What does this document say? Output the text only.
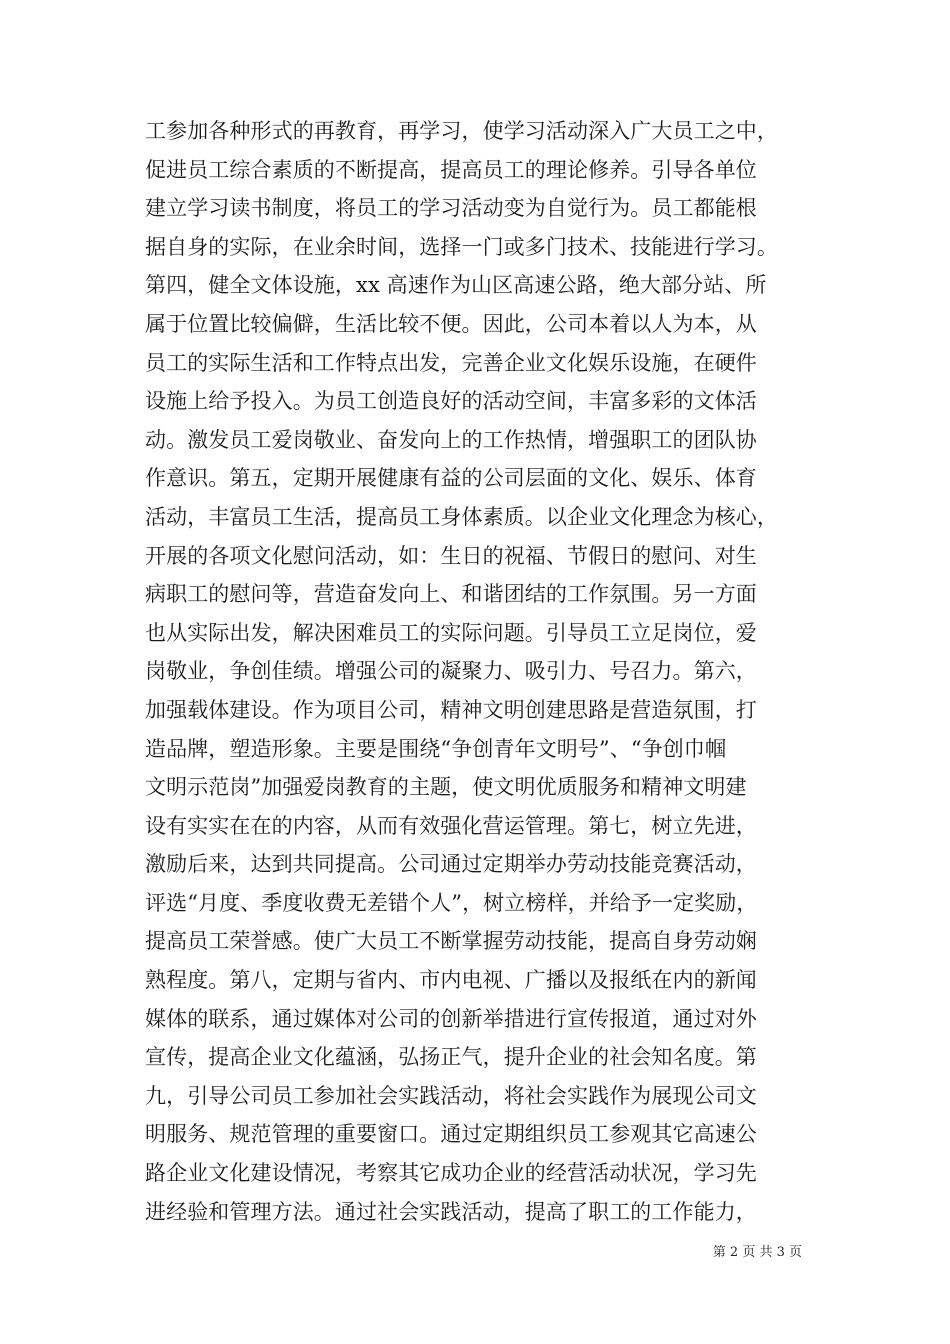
工参加各种形式的再教育，再学习，使学习活动深入广大员工之中，
促进员工综合素质的不断提高，提高员工的理论修养。引导各单位
建立学习读书制度，将员工的学习活动变为自觉行为。员工都能根
据自身的实际，在业余时间，选择一门或多门技术、技能进行学习。
第四，健全文体设施，xx 高速作为山区高速公路，绝大部分站、所
属于位置比较偏僻，生活比较不便。因此，公司本着以人为本，从
员工的实际生活和工作特点出发，完善企业文化娱乐设施，在硬件
设施上给予投入。为员工创造良好的活动空间，丰富多彩的文体活
动。激发员工爱岗敬业、奋发向上的工作热情，增强职工的团队协
作意识。第五，定期开展健康有益的公司层面的文化、娱乐、体育
活动，丰富员工生活，提高员工身体素质。以企业文化理念为核心，
开展的各项文化慰问活动，如：生日的祝福、节假日的慰问、对生
病职工的慰问等，营造奋发向上、和谐团结的工作氛围。另一方面
也从实际出发，解决困难员工的实际问题。引导员工立足岗位，爱
岗敬业，争创佳绩。增强公司的凝聚力、吸引力、号召力。第六，
加强载体建设。作为项目公司，精神文明创建思路是营造氛围，打
造品牌，塑造形象。主要是围绕“争创青年文明号”、“争创巾帼
文明示范岗”加强爱岗教育的主题，使文明优质服务和精神文明建
设有实实在在的内容，从而有效强化营运管理。第七，树立先进，
激励后来，达到共同提高。公司通过定期举办劳动技能竞赛活动，
评选“月度、季度收费无差错个人”，树立榜样，并给予一定奖励，
提高员工荣誉感。使广大员工不断掌握劳动技能，提高自身劳动娴
熟程度。第八，定期与省内、市内电视、广播以及报纸在内的新闻
媒体的联系，通过媒体对公司的创新举措进行宣传报道，通过对外
宣传，提高企业文化蕴涵，弘扬正气，提升企业的社会知名度。第
九，引导公司员工参加社会实践活动，将社会实践作为展现公司文
明服务、规范管理的重要窗口。通过定期组织员工参观其它高速公
路企业文化建设情况，考察其它成功企业的经营活动状况，学习先
进经验和管理方法。通过社会实践活动，提高了职工的工作能力，
第 2 页 共 3 页
